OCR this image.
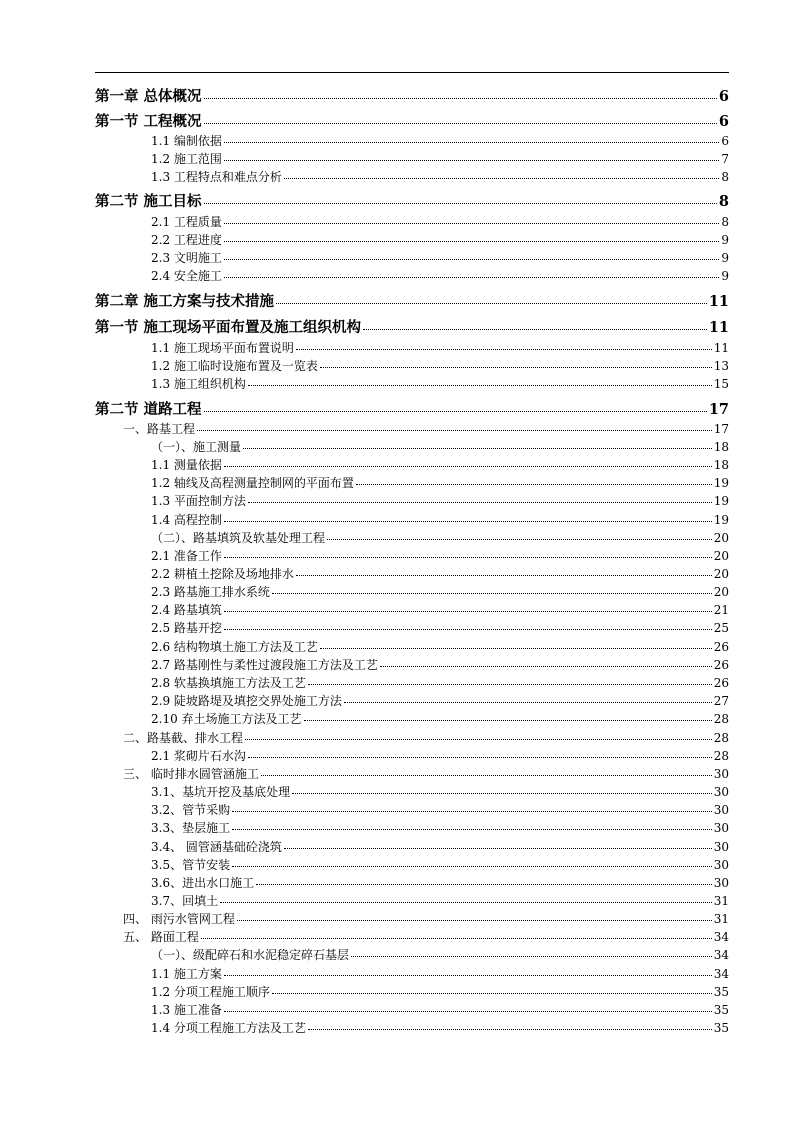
第一章 总体概况	6
第一节 工程概况	6
1.1 编制依据	6
1.2 施工范围	7
1.3 工程特点和难点分析	8
第二节 施工目标	8
2.1 工程质量	8
2.2 工程进度	9
2.3 文明施工	9
2.4 安全施工	9
第二章 施工方案与技术措施	11
第一节 施工现场平面布置及施工组织机构	11
1.1 施工现场平面布置说明	11
1.2 施工临时设施布置及一览表	13
1.3 施工组织机构	15
第二节 道路工程	17
一、路基工程	17
（一）、施工测量	18
1.1 测量依据	18
1.2 轴线及高程测量控制网的平面布置	19
1.3 平面控制方法	19
1.4 高程控制	19
（二）、路基填筑及软基处理工程	20
2.1 准备工作	20
2.2 耕植土挖除及场地排水	20
2.3 路基施工排水系统	20
2.4 路基填筑	21
2.5 路基开挖	25
2.6 结构物填土施工方法及工艺	26
2.7 路基刚性与柔性过渡段施工方法及工艺	26
2.8 软基换填施工方法及工艺	26
2.9 陡坡路堤及填挖交界处施工方法	27
2.10 弃土场施工方法及工艺	28
二、路基截、排水工程	28
2.1 浆砌片石水沟	28
三、 临时排水圆管涵施工	30
3.1、基坑开挖及基底处理	30
3.2、管节采购	30
3.3、垫层施工	30
3.4、 圆管涵基础砼浇筑	30
3.5、管节安装	30
3.6、进出水口施工	30
3.7、回填土	31
四、 雨污水管网工程	31
五、 路面工程	34
（一）、级配碎石和水泥稳定碎石基层	34
1.1 施工方案	34
1.2 分项工程施工顺序	35
1.3 施工准备	35
1.4 分项工程施工方法及工艺	35
